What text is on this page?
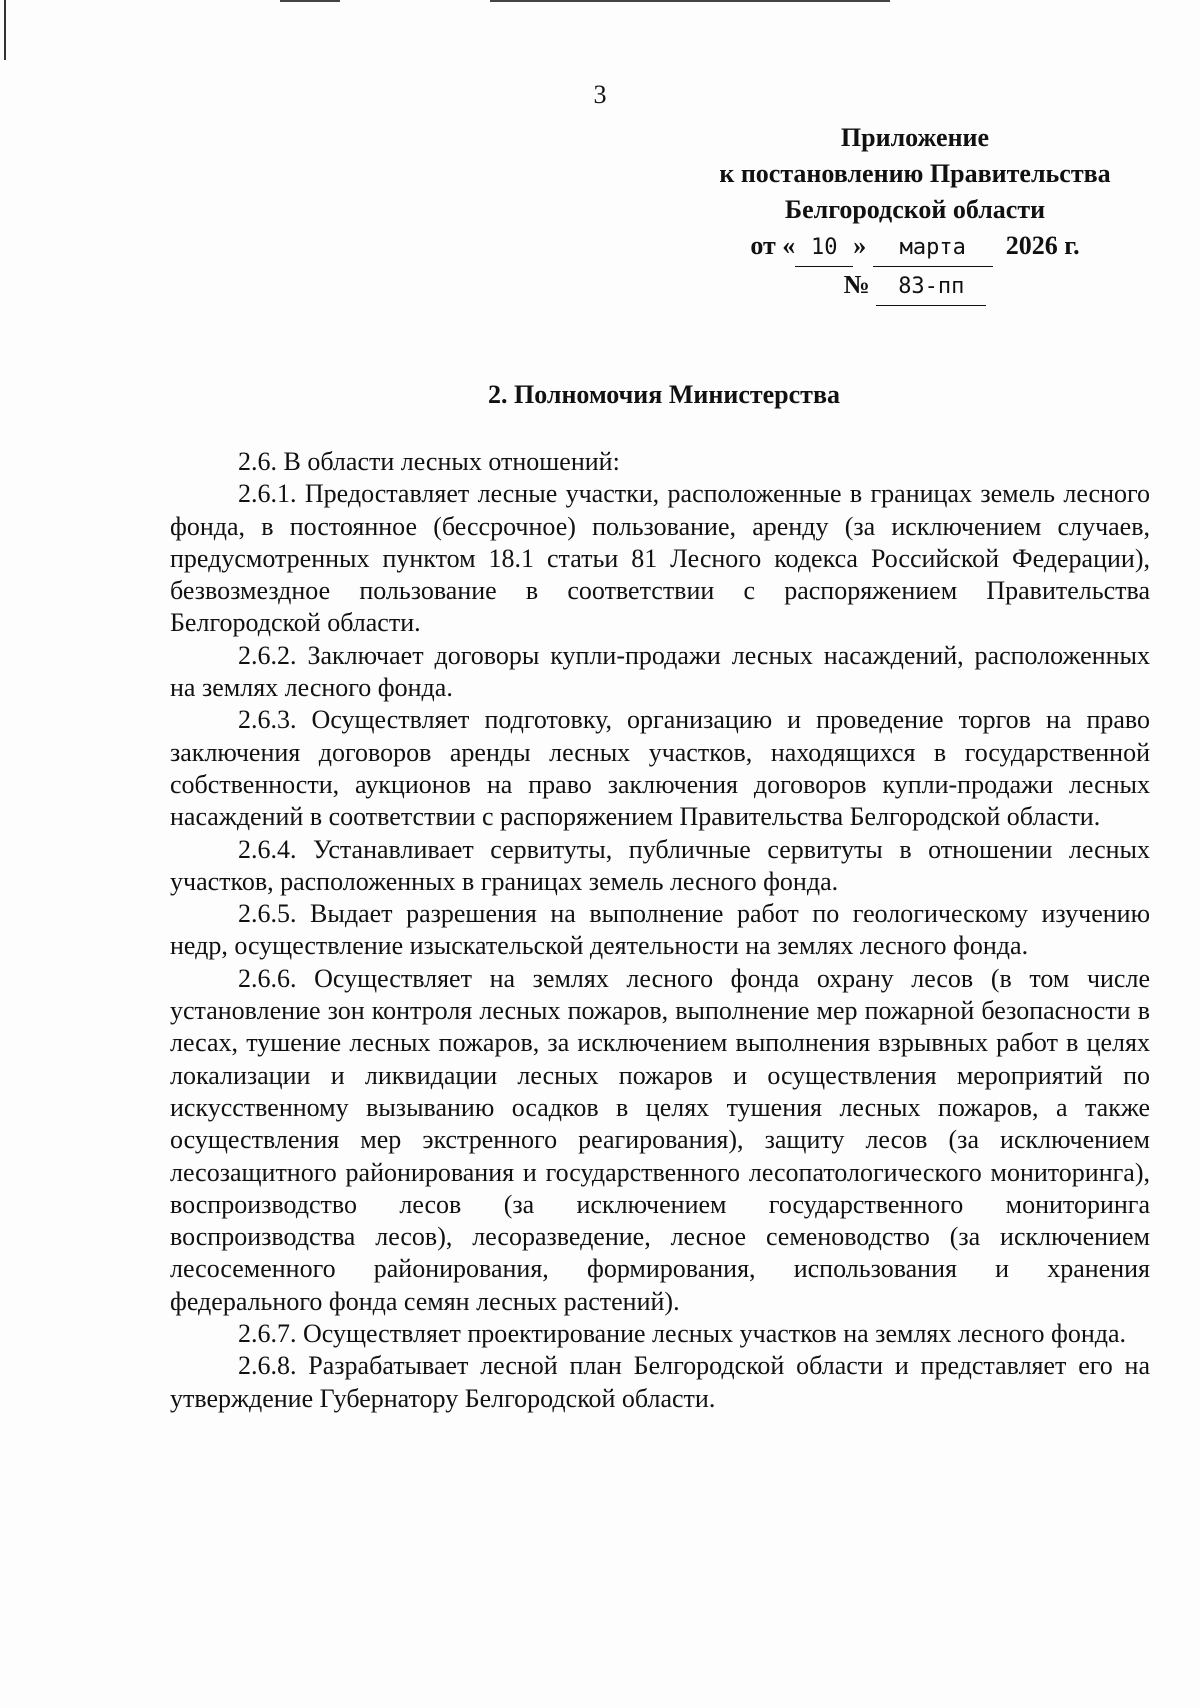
3
Приложение
к постановлению Правительства
Белгородской области
от « 10 » марта 2026 г.
№ 83-пп
2. Полномочия Министерства

2.6. В области лесных отношений:

2.6.1. Предоставляет лесные участки, расположенные в границах земель лесного фонда, в постоянное (бессрочное) пользование, аренду (за исключением случаев, предусмотренных пунктом 18.1 статьи 81 Лесного кодекса Российской Федерации), безвозмездное пользование в соответствии с распоряжением Правительства Белгородской области.

2.6.2. Заключает договоры купли-продажи лесных насаждений, расположенных на землях лесного фонда.

2.6.3. Осуществляет подготовку, организацию и проведение торгов на право заключения договоров аренды лесных участков, находящихся в государственной собственности, аукционов на право заключения договоров купли-продажи лесных насаждений в соответствии с распоряжением Правительства Белгородской области.

2.6.4. Устанавливает сервитуты, публичные сервитуты в отношении лесных участков, расположенных в границах земель лесного фонда.

2.6.5. Выдает разрешения на выполнение работ по геологическому изучению недр, осуществление изыскательской деятельности на землях лесного фонда.

2.6.6. Осуществляет на землях лесного фонда охрану лесов (в том числе установление зон контроля лесных пожаров, выполнение мер пожарной безопасности в лесах, тушение лесных пожаров, за исключением выполнения взрывных работ в целях локализации и ликвидации лесных пожаров и осуществления мероприятий по искусственному вызыванию осадков в целях тушения лесных пожаров, а также осуществления мер экстренного реагирования), защиту лесов (за исключением лесозащитного районирования и государственного лесопатологического мониторинга), воспроизводство лесов (за исключением государственного мониторинга воспроизводства лесов), лесоразведение, лесное семеноводство (за исключением лесосеменного районирования, формирования, использования и хранения федерального фонда семян лесных растений).

2.6.7. Осуществляет проектирование лесных участков на землях лесного фонда.

2.6.8. Разрабатывает лесной план Белгородской области и представляет его на утверждение Губернатору Белгородской области.
